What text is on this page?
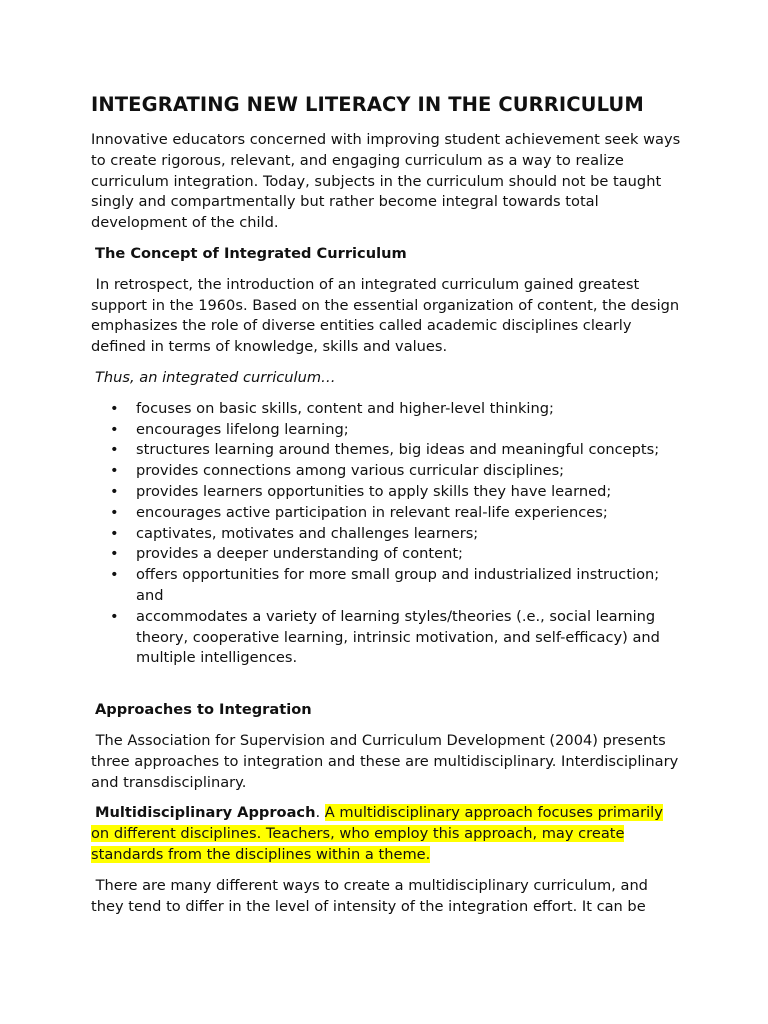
INTEGRATING NEW LITERACY IN THE CURRICULUM

Innovative educators concerned with improving student achievement seek ways to create rigorous, relevant, and engaging curriculum as a way to realize curriculum integration. Today, subjects in the curriculum should not be taught singly and compartmentally but rather become integral towards total development of the child.

The Concept of Integrated Curriculum

In retrospect, the introduction of an integrated curriculum gained greatest support in the 1960s. Based on the essential organization of content, the design emphasizes the role of diverse entities called academic disciplines clearly defined in terms of knowledge, skills and values.

Thus, an integrated curriculum…

• focuses on basic skills, content and higher-level thinking;
• encourages lifelong learning;
• structures learning around themes, big ideas and meaningful concepts;
• provides connections among various curricular disciplines;
• provides learners opportunities to apply skills they have learned;
• encourages active participation in relevant real-life experiences;
• captivates, motivates and challenges learners;
• provides a deeper understanding of content;
• offers opportunities for more small group and industrialized instruction; and
• accommodates a variety of learning styles/theories (.e., social learning theory, cooperative learning, intrinsic motivation, and self-efficacy) and multiple intelligences.

Approaches to Integration

The Association for Supervision and Curriculum Development (2004) presents three approaches to integration and these are multidisciplinary. Interdisciplinary and transdisciplinary.

Multidisciplinary Approach. A multidisciplinary approach focuses primarily on different disciplines. Teachers, who employ this approach, may create standards from the disciplines within a theme.

There are many different ways to create a multidisciplinary curriculum, and they tend to differ in the level of intensity of the integration effort. It can be
